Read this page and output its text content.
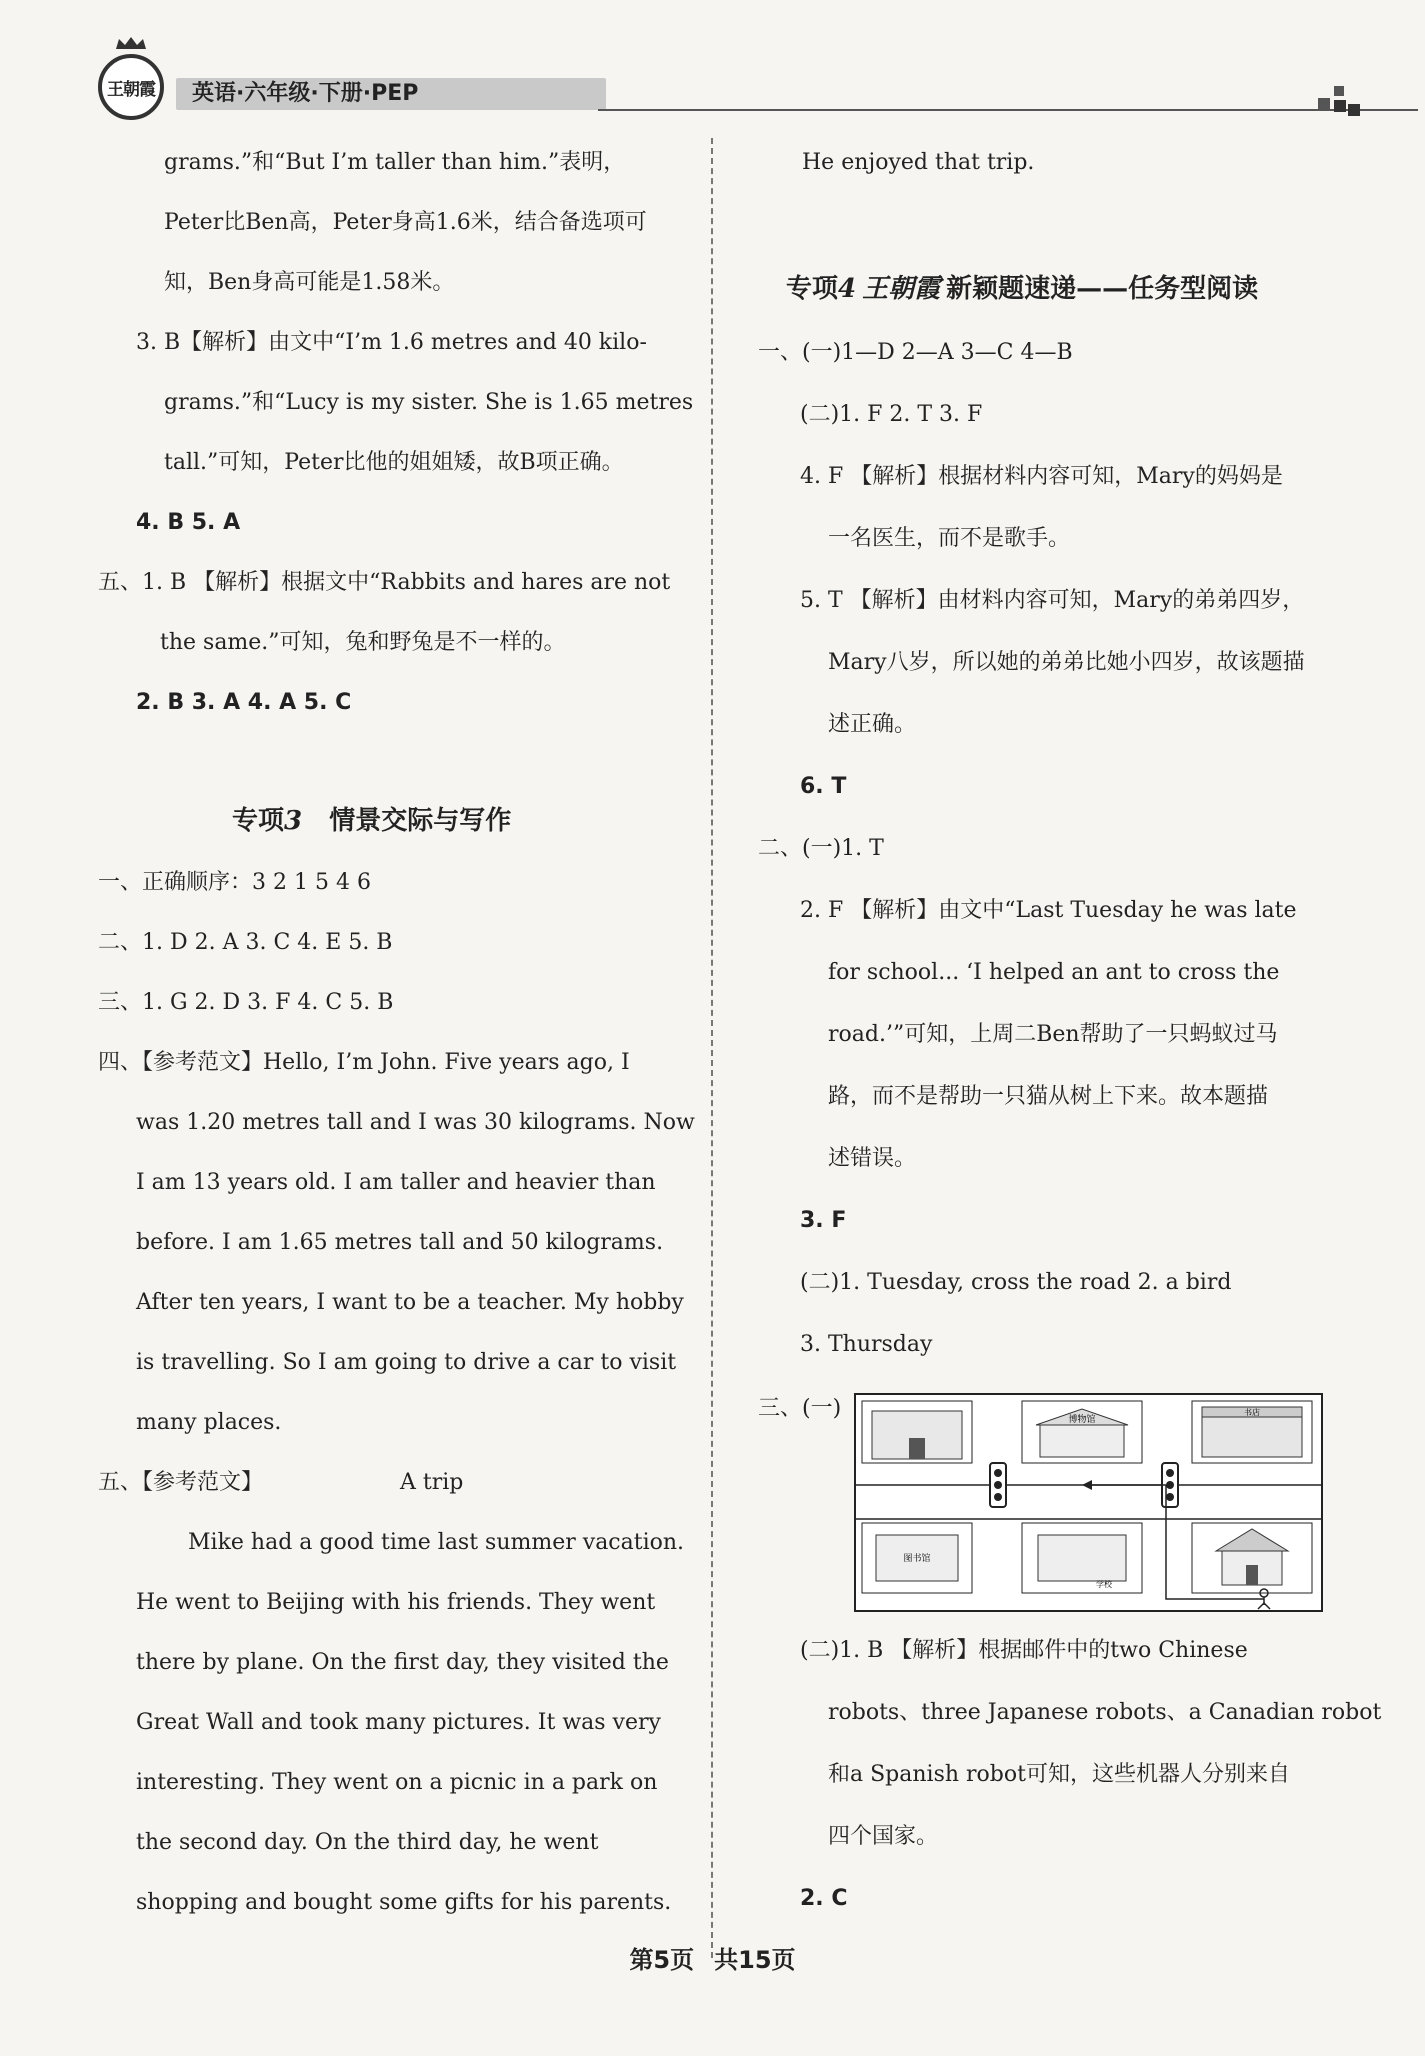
王朝霞	英语·六年级·下册·PEP
grams.”和“But I’m taller than him.”表明，
Peter比Ben高，Peter身高1.6米，结合备选项可
知，Ben身高可能是1.58米。
3. B【解析】由文中“I’m 1.6 metres and 40 kilo-
grams.”和“Lucy is my sister. She is 1.65 metres
tall.”可知，Peter比他的姐姐矮，故B项正确。
4. B 5. A
五、1. B 【解析】根据文中“Rabbits and hares are not
the same.”可知，兔和野兔是不一样的。
2. B 3. A 4. A 5. C
专项3 情景交际与写作
一、正确顺序：3 2 1 5 4 6
二、1. D 2. A 3. C 4. E 5. B
三、1. G 2. D 3. F 4. C 5. B
四、【参考范文】Hello, I’m John. Five years ago, I
was 1.20 metres tall and I was 30 kilograms. Now
I am 13 years old. I am taller and heavier than
before. I am 1.65 metres tall and 50 kilograms.
After ten years, I want to be a teacher. My hobby
is travelling. So I am going to drive a car to visit
many places.
五、【参考范文】	A trip
Mike had a good time last summer vacation.
He went to Beijing with his friends. They went
there by plane. On the first day, they visited the
Great Wall and took many pictures. It was very
interesting. They went on a picnic in a park on
the second day. On the third day, he went
shopping and bought some gifts for his parents.
He enjoyed that trip.
专项4 王朝霞 新颖题速递——任务型阅读
一、(一)1—D 2—A 3—C 4—B
(二)1. F 2. T 3. F
4. F 【解析】根据材料内容可知，Mary的妈妈是
一名医生，而不是歌手。
5. T 【解析】由材料内容可知，Mary的弟弟四岁，
Mary八岁，所以她的弟弟比她小四岁，故该题描
述正确。
6. T
二、(一)1. T
2. F 【解析】由文中“Last Tuesday he was late
for school... ‘I helped an ant to cross the
road.’”可知，上周二Ben帮助了一只蚂蚁过马
路，而不是帮助一只猫从树上下来。故本题描
述错误。
3. F
(二)1. Tuesday, cross the road 2. a bird
3. Thursday
三、(一)
(二)1. B 【解析】根据邮件中的two Chinese
robots、three Japanese robots、a Canadian robot
和a Spanish robot可知，这些机器人分别来自
四个国家。
2. C
博物馆
书店
图书馆
学校
第5页 共15页
